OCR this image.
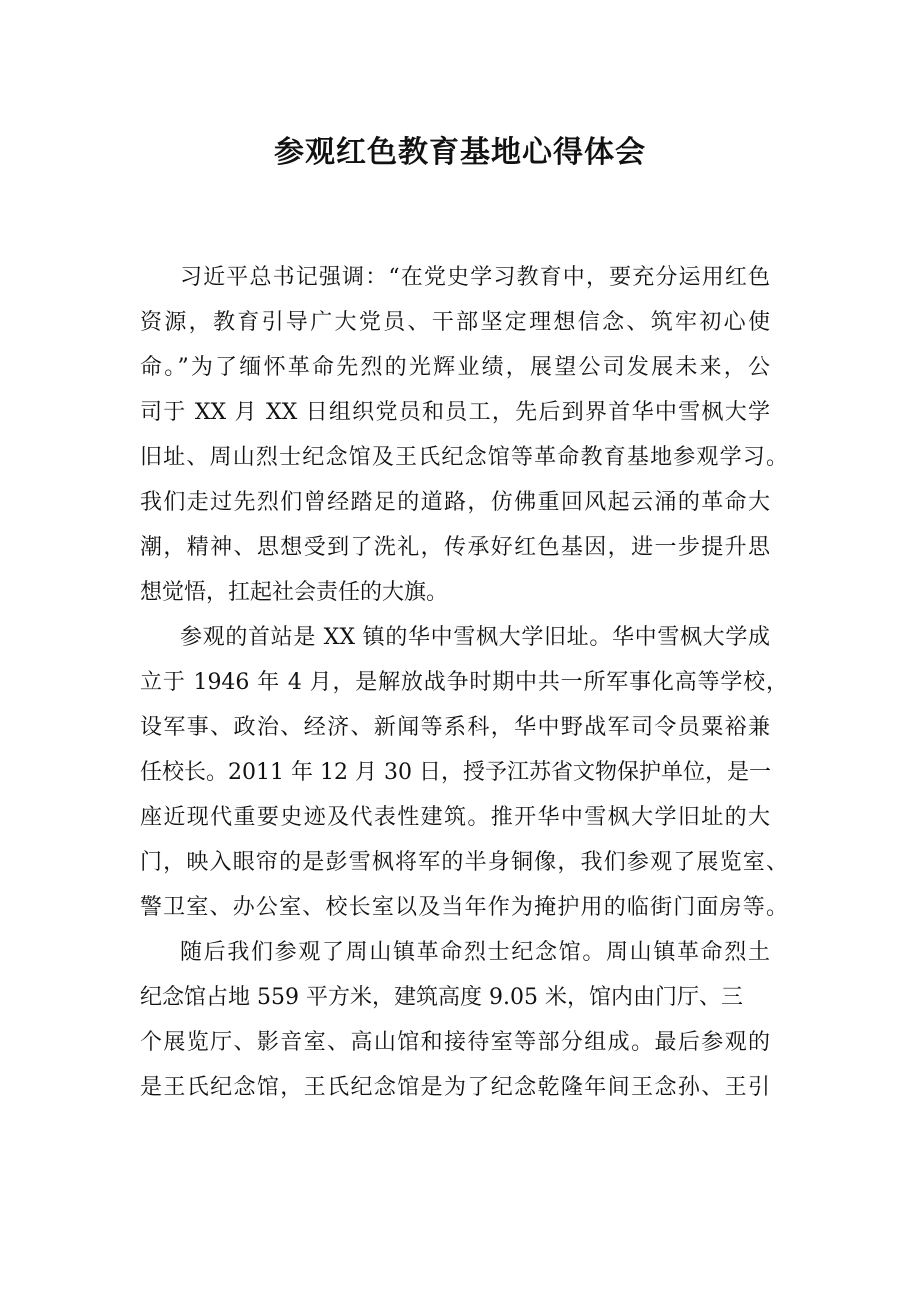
参观红色教育基地心得体会
习近平总书记强调：“在党史学习教育中，要充分运用红色
资源，教育引导广大党员、干部坚定理想信念、筑牢初心使
命。”为了缅怀革命先烈的光辉业绩，展望公司发展未来，公
司于 XX 月 XX 日组织党员和员工，先后到界首华中雪枫大学
旧址、周山烈士纪念馆及王氏纪念馆等革命教育基地参观学习。
我们走过先烈们曾经踏足的道路，仿佛重回风起云涌的革命大
潮，精神、思想受到了洗礼，传承好红色基因，进一步提升思
想觉悟，扛起社会责任的大旗。
参观的首站是 XX 镇的华中雪枫大学旧址。华中雪枫大学成
立于 1946 年 4 月，是解放战争时期中共一所军事化高等学校，
设军事、政治、经济、新闻等系科，华中野战军司令员粟裕兼
任校长。2011 年 12 月 30 日，授予江苏省文物保护单位，是一
座近现代重要史迹及代表性建筑。推开华中雪枫大学旧址的大
门，映入眼帘的是彭雪枫将军的半身铜像，我们参观了展览室、
警卫室、办公室、校长室以及当年作为掩护用的临街门面房等。
随后我们参观了周山镇革命烈士纪念馆。周山镇革命烈土
纪念馆占地 559 平方米，建筑高度 9.05 米，馆内由门厅、三
个展览厅、影音室、高山馆和接待室等部分组成。最后参观的
是王氏纪念馆，王氏纪念馆是为了纪念乾隆年间王念孙、王引
